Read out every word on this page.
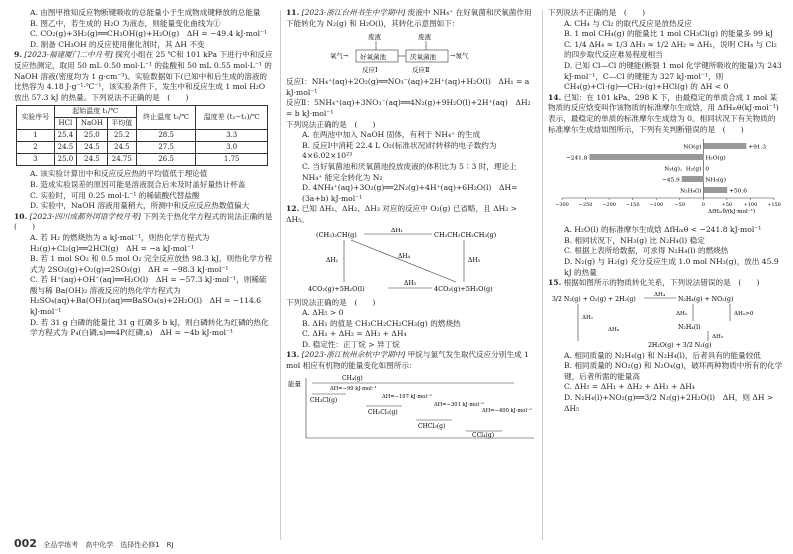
A. 由图甲推知反应物断键吸收的总能量小于生成物成键释放的总能量

B. 图乙中，若生成的 H₂O 为液态，则能量变化曲线为①

C. CO₂(g)+3H₂(g)══CH₃OH(g)+H₂O(g)　ΔH = −49.4 kJ·mol⁻¹

D. 制备 CH₃OH 的反应使用催化剂时，其 ΔH 不变

9. [2023·福建厦门二中月考] 探究小组在 25 ℃和 101 kPa 下进行中和反应反应热测定，取用 50 mL 0.50 mol·L⁻¹ 的盐酸和 50 mL 0.55 mol·L⁻¹ 的 NaOH 溶液(密度均为 1 g·cm⁻³)。实验数据如下(已知中和后生成的溶液的比热容为 4.18 J·g⁻¹·℃⁻¹，该实验条件下，发生中和反应生成 1 mol H₂O 放出 57.3 kJ 的热量。下列说法不正确的是　(　　)

实验序号	起始温度 t₁/℃			终止温度 t₂/℃	温度差 (t₂−t₁)/℃
	HCl	NaOH	平均值		
1	25.4	25.0	25.2	28.5	3.3
2	24.5	24.5	24.5	27.5	3.0
3	25.0	24.5	24.75	26.5	1.75

A. 该实验计算出中和反应反应热的平均值低于理论值

B. 造成实验误差的原因可能是溶液混合后未及时盖好量热计杯盖

C. 实验时，可用 0.25 mol·L⁻¹ 的稀硫酸代替盐酸

D. 实验中，NaOH 溶液用量稍大，所测中和反应反应热数值偏大

10. [2023·四川成都外国语学校月考] 下列关于热化学方程式的说法正确的是　(　　)

A. 若 H₂ 的燃烧热为 a kJ·mol⁻¹，则热化学方程式为 H₂(g)+Cl₂(g)══2HCl(g)　ΔH = −a kJ·mol⁻¹

B. 若 1 mol SO₂ 和 0.5 mol O₂ 完全反应放热 98.3 kJ，则热化学方程式为 2SO₂(g)+O₂(g)⇌2SO₃(g)　ΔH = −98.3 kJ·mol⁻¹

C. 若 H⁺(aq)+OH⁻(aq)══H₂O(l)　ΔH = −57.3 kJ·mol⁻¹，则稀硫酸与稀 Ba(OH)₂ 溶液反应的热化学方程式为 H₂SO₄(aq)+Ba(OH)₂(aq)══BaSO₄(s)+2H₂O(l)　ΔH = −114.6 kJ·mol⁻¹

D. 若 31 g 白磷的能量比 31 g 红磷多 b kJ，则白磷转化为红磷的热化学方程式为 P₄(白磷,s)══4P(红磷,s)　ΔH = −4b kJ·mol⁻¹

11. [2023·浙江台州书生中学期中] 废液中 NH₄⁺ 在好氧菌和厌氧菌作用下能转化为 N₂(g) 和 H₂O(l)，其转化示意图如下：

废液	废液
氧气→ 好氧菌池	厌氧菌池 →氮气
反应Ⅰ	反应Ⅱ

反应Ⅰ：NH₄⁺(aq)+2O₂(g)══NO₃⁻(aq)+2H⁺(aq)+H₂O(l)　ΔH₁ = a kJ·mol⁻¹

反应Ⅱ：5NH₄⁺(aq)+3NO₃⁻(aq)══4N₂(g)+9H₂O(l)+2H⁺(aq)　ΔH₂ = b kJ·mol⁻¹

下列说法正确的是　(　　)

A. 在两池中加入 NaOH 固体，有利于 NH₄⁺ 的生成

B. 反应Ⅰ中消耗 22.4 L O₂(标准状况)时转移的电子数约为 4×6.02×10²³

C. 当好氧菌池和厌氧菌池投放废液的体积比为 5∶3 时，理论上 NH₄⁺ 能完全转化为 N₂

D. 4NH₄⁺(aq)+3O₂(g)══2N₂(g)+4H⁺(aq)+6H₂O(l)　ΔH=(3a+b) kJ·mol⁻¹

12. 已知 ΔH₁、ΔH₂、ΔH₃ 对应的反应中 O₂(g) 已省略，且 ΔH₂ > ΔH₅。

(CH₃)₂CH(g)	CH₃CH₂CH₂CH₃(g)
ΔH₁
ΔH₂	ΔH₃
ΔH₄
4CO₂(g)+5H₂O(l)	4CO₂(g)+5H₂O(g)
ΔH₅

下列说法正确的是　(　　)

A. ΔH₅ > 0

B. ΔH₁ 的值是 CH₃CH₂CH₂CH₃(g) 的燃烧热

C. ΔH₁ + ΔH₂ = ΔH₃ + ΔH₄

D. 稳定性：正丁烷 > 异丁烷

13. [2023·浙江杭州余杭中学期中] 甲烷与氯气发生取代反应分别生成 1 mol 相应有机物的能量变化如图所示：

能量
CH₄(g)
CH₃Cl(g)
ΔH=−99 kJ·mol⁻¹
CH₂Cl₂(g)
ΔH=−197 kJ·mol⁻¹
CHCl₃(g)
ΔH=−301 kJ·mol⁻¹
CCl₄(g)
ΔH=−400 kJ·mol⁻¹

下列说法不正确的是　(　　)

A. CH₄ 与 Cl₂ 的取代反应是放热反应

B. 1 mol CH₄(g) 的能量比 1 mol CH₃Cl(g) 的能量多 99 kJ

C. 1/4 ΔH₄ ≈ 1/3 ΔH₃ ≈ 1/2 ΔH₂ ≈ ΔH₁，说明 CH₄ 与 Cl₂ 的四步取代反应难易程度相当

D. 已知 Cl—Cl 的键能(断裂 1 mol 化学键所吸收的能量)为 243 kJ·mol⁻¹，C—Cl 的键能为 327 kJ·mol⁻¹，则 CH₄(g)+Cl·(g)──CH₃·(g)+HCl(g) 的 ΔH < 0

14. 已知：在 101 kPa、298 K 下，由最稳定的单质合成 1 mol 某物质的反应焓变叫作该物质的标准摩尔生成焓，用 ΔfHₘθ(kJ·mol⁻¹)表示，最稳定的单质的标准摩尔生成焓为 0。相同状况下有关物质的标准摩尔生成焓如图所示，下列有关判断错误的是　(　　)

NO(g)	+91.3
H₂O(g)
−241.8
N₂(g)、H₂(g) 0
NH₃(g)
−45.9
N₂H₄(l)	+50.6
−300 −250 −200 −150 −100 −50	0	+50 +100 +150
ΔfHₘθ/(kJ·mol⁻¹)

A. H₂O(l) 的标准摩尔生成焓 ΔfHₘθ < −241.8 kJ·mol⁻¹

B. 相同状况下，NH₃(g) 比 N₂H₄(l) 稳定

C. 根据上表所给数据，可求得 N₂H₄(l) 的燃烧热

D. N₂(g) 与 H₂(g) 充分反应生成 1.0 mol NH₃(g)，放出 45.9 kJ 的热量

15. 根据如图所示的物质转化关系，下列说法错误的是　(　　)

3/2 N₂(g) + O₂(g) + 2H₂(g)
ΔH₄
N₂H₄(g) + NO₂(g)
ΔH₁
ΔH₂	ΔH₅>0
N₂H₄(l)
ΔH₃
ΔH₆
2H₂O(g) + 3/2 N₂(g)

A. 相同质量的 N₂H₄(g) 和 N₂H₄(l)，后者具有的能量较低

B. 相同质量的 NO₂(g) 和 N₂O₄(g)，破坏两种物质中所有的化学键，后者所需的能量高

C. ΔH₅ = ΔH₁ + ΔH₂ + ΔH₃ + ΔH₄

D. N₂H₄(l)+NO₂(g)══3/2 N₂(g)+2H₂O(l)　ΔH，则 ΔH > ΔH₅

002 全品学练考　高中化学　选择性必修1　RJ
